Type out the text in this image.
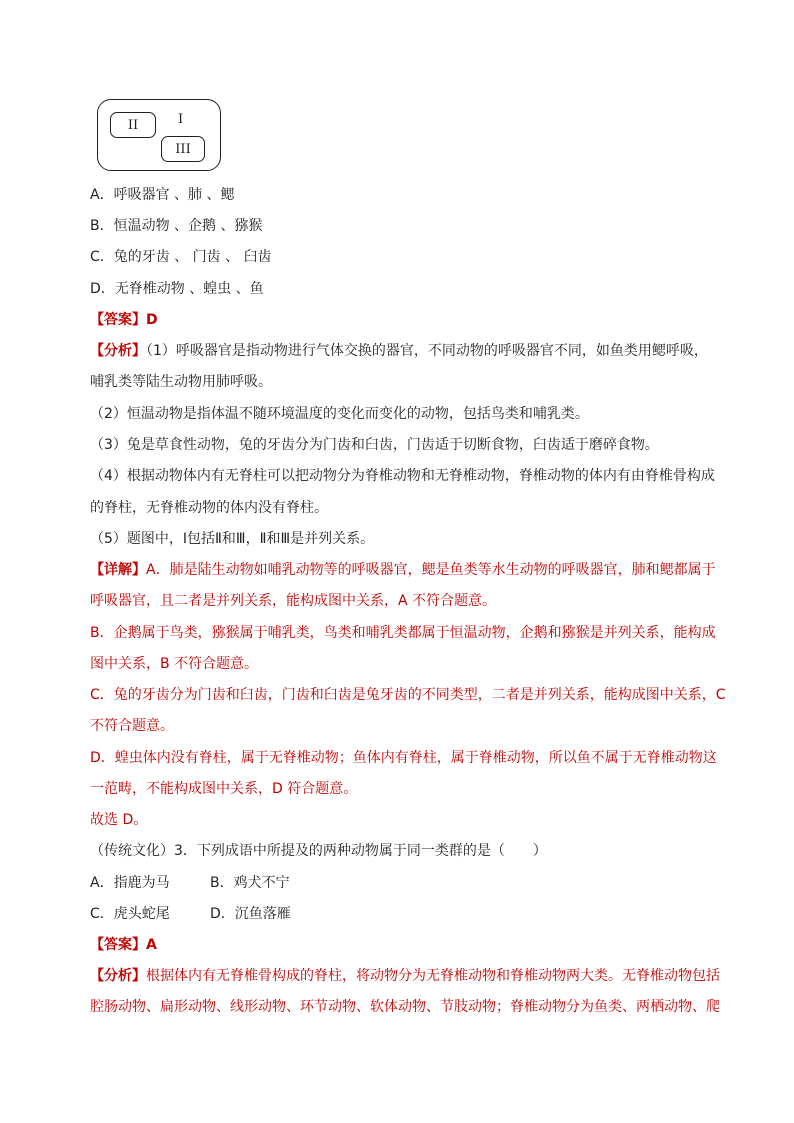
II	I
III
A．呼吸器官 、肺 、鳃
B．恒温动物 、企鹅 、猕猴
C．兔的牙齿 、 门齿 、 臼齿
D．无脊椎动物 、蝗虫 、鱼
【答案】D
【分析】（1）呼吸器官是指动物进行气体交换的器官，不同动物的呼吸器官不同，如鱼类用鳃呼吸，
哺乳类等陆生动物用肺呼吸。
（2）恒温动物是指体温不随环境温度的变化而变化的动物，包括鸟类和哺乳类。
（3）兔是草食性动物，兔的牙齿分为门齿和臼齿，门齿适于切断食物，臼齿适于磨碎食物。
（4）根据动物体内有无脊柱可以把动物分为脊椎动物和无脊椎动物，脊椎动物的体内有由脊椎骨构成
的脊柱，无脊椎动物的体内没有脊柱。
（5）题图中，Ⅰ包括Ⅱ和Ⅲ，Ⅱ和Ⅲ是并列关系。
【详解】A．肺是陆生动物如哺乳动物等的呼吸器官，鳃是鱼类等水生动物的呼吸器官，肺和鳃都属于
呼吸器官，且二者是并列关系，能构成图中关系，A 不符合题意。
B．企鹅属于鸟类，猕猴属于哺乳类，鸟类和哺乳类都属于恒温动物，企鹅和猕猴是并列关系，能构成
图中关系，B 不符合题意。
C．兔的牙齿分为门齿和臼齿，门齿和臼齿是兔牙齿的不同类型，二者是并列关系，能构成图中关系，C
不符合题意。
D．蝗虫体内没有脊柱，属于无脊椎动物；鱼体内有脊柱，属于脊椎动物，所以鱼不属于无脊椎动物这
一范畴，不能构成图中关系，D 符合题意。
故选 D。
（传统文化）3．下列成语中所提及的两种动物属于同一类群的是（　　）
A．指鹿为马	B．鸡犬不宁
C．虎头蛇尾	D．沉鱼落雁
【答案】A
【分析】根据体内有无脊椎骨构成的脊柱，将动物分为无脊椎动物和脊椎动物两大类。无脊椎动物包括
腔肠动物、扁形动物、线形动物、环节动物、软体动物、节肢动物；脊椎动物分为鱼类、两栖动物、爬
